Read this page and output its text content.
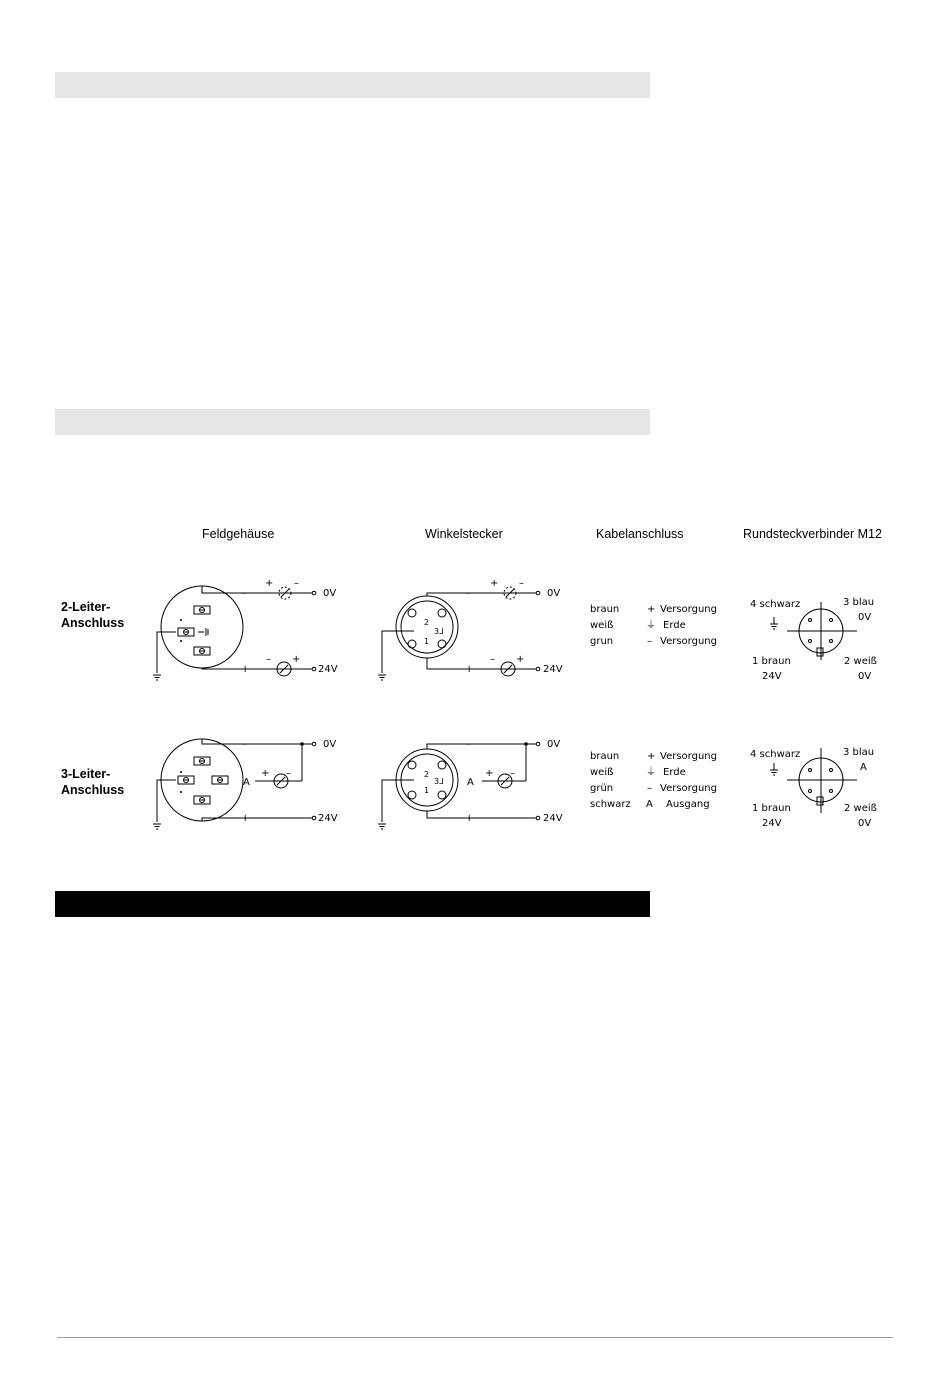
Feldgehäuse	Winkelstecker	Kabelanschluss	Rundsteckverbinder M12
2-Leiter-
Anschluss
3-Leiter-
Anschluss
–
+ –
0V
+
– +
24V
–	0V
A
+ –
+	24V
2
1
3⅃
–
+ –
0V
+
– +
24V
2
1
3⅃
–	0V
A
+ –
+	24V
braun	+ Versorgung
weiß	⏚ Erde
grun	– Versorgung
braun	+ Versorgung
weiß	⏚ Erde
grün	– Versorgung
schwarz A Ausgang
4 schwarz	3 blau
0V
1 braun
24V
2 weiß
0V
4 schwarz	3 blau
A
1 braun
24V
2 weiß
0V
